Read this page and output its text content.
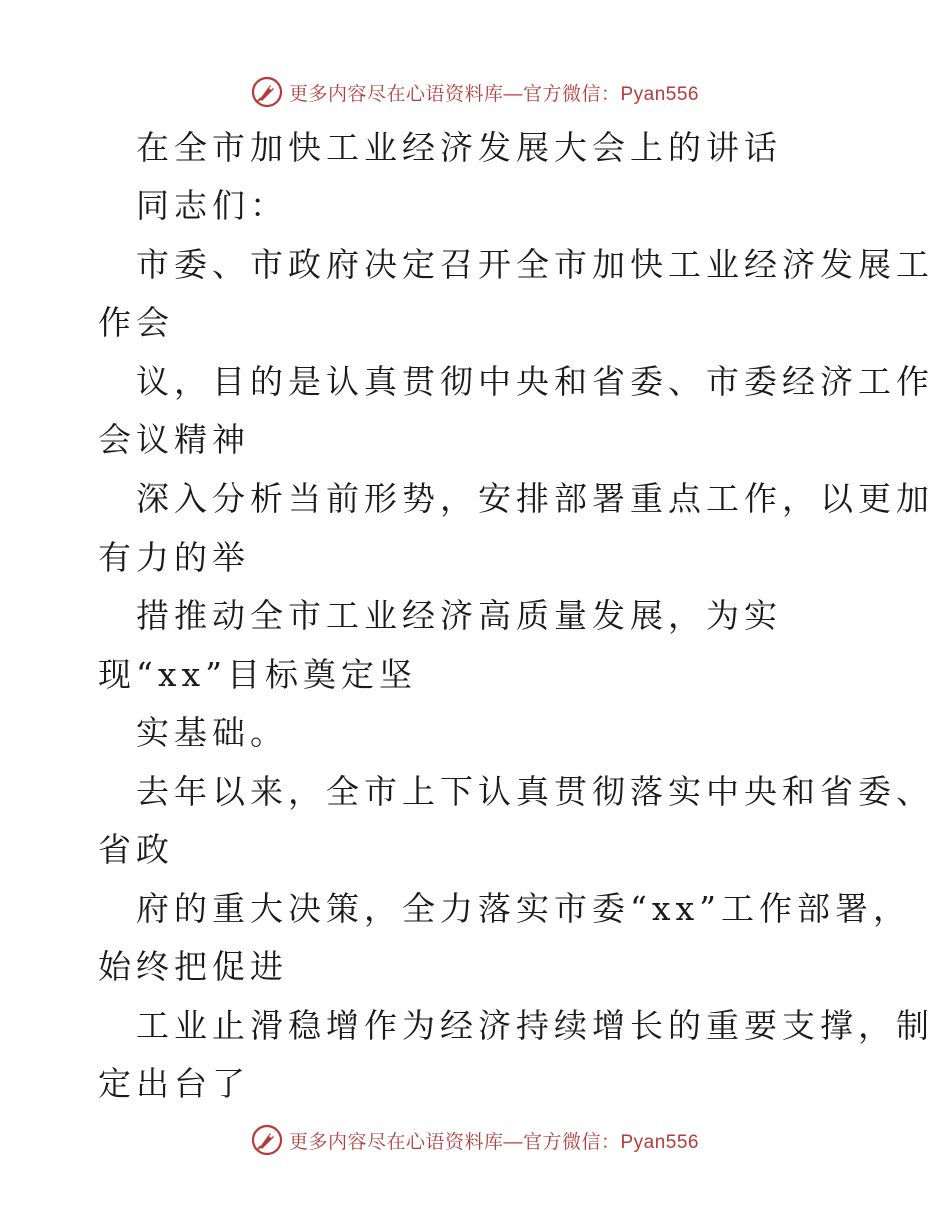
更多内容尽在心语资料库—官方微信：Pyan556
在全市加快工业经济发展大会上的讲话
同志们：
市委、市政府决定召开全市加快工业经济发展工
作会
议，目的是认真贯彻中央和省委、市委经济工作
会议精神
深入分析当前形势，安排部署重点工作，以更加
有力的举
措推动全市工业经济高质量发展，为实
现“xx”目标奠定坚
实基础。
去年以来，全市上下认真贯彻落实中央和省委、
省政
府的重大决策，全力落实市委“xx”工作部署，
始终把促进
工业止滑稳增作为经济持续增长的重要支撑，制
定出台了
更多内容尽在心语资料库—官方微信：Pyan556
